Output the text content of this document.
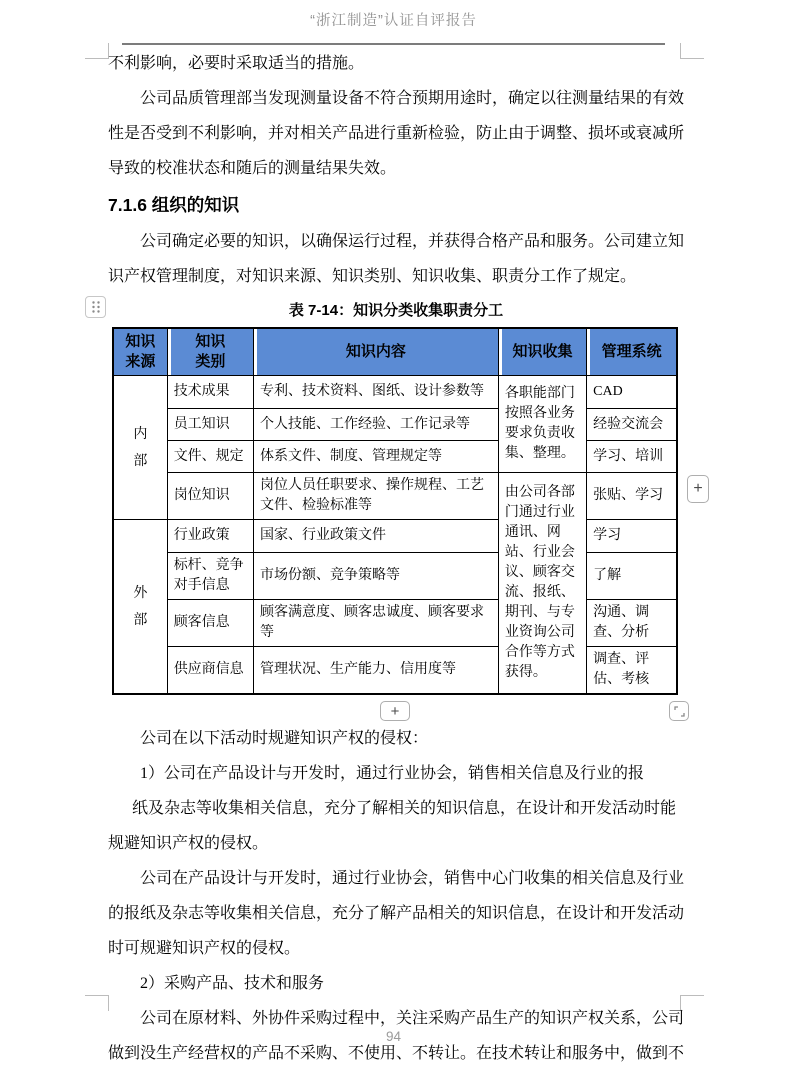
“浙江制造”认证自评报告

不利影响，必要时采取适当的措施。

公司品质管理部当发现测量设备不符合预期用途时，确定以往测量结果的有效性是否受到不利影响，并对相关产品进行重新检验，防止由于调整、损坏或衰减所导致的校准状态和随后的测量结果失效。

7.1.6 组织的知识

公司确定必要的知识，以确保运行过程，并获得合格产品和服务。公司建立知识产权管理制度，对知识来源、知识类别、知识收集、职责分工作了规定。

表 7-14：知识分类收集职责分工
知识来源	知识类别	知识内容	知识收集	管理系统
内部	技术成果	专利、技术资料、图纸、设计参数等	各职能部门按照各业务要求负责收集、整理。	CAD
	员工知识	个人技能、工作经验、工作记录等		经验交流会
	文件、规定	体系文件、制度、管理规定等		学习、培训
	岗位知识	岗位人员任职要求、操作规程、工艺文件、检验标准等	由公司各部门通过行业通讯、网站、行业会议、顾客交流、报纸、期刊、与专业资询公司合作等方式获得。	张贴、学习
外部	行业政策	国家、行业政策文件		学习
	标杆、竞争对手信息	市场份额、竞争策略等		了解
	顾客信息	顾客满意度、顾客忠诚度、顾客要求等		沟通、调查、分析
	供应商信息	管理状况、生产能力、信用度等		调查、评估、考核
+
+

公司在以下活动时规避知识产权的侵权：

1）公司在产品设计与开发时，通过行业协会，销售相关信息及行业的报

纸及杂志等收集相关信息，充分了解相关的知识信息，在设计和开发活动时能规避知识产权的侵权。

公司在产品设计与开发时，通过行业协会，销售中心门收集的相关信息及行业的报纸及杂志等收集相关信息，充分了解产品相关的知识信息，在设计和开发活动时可规避知识产权的侵权。

2）采购产品、技术和服务

公司在原材料、外协件采购过程中，关注采购产品生产的知识产权关系，公司做到没生产经营权的产品不采购、不使用、不转让。在技术转让和服务中，做到不

94
